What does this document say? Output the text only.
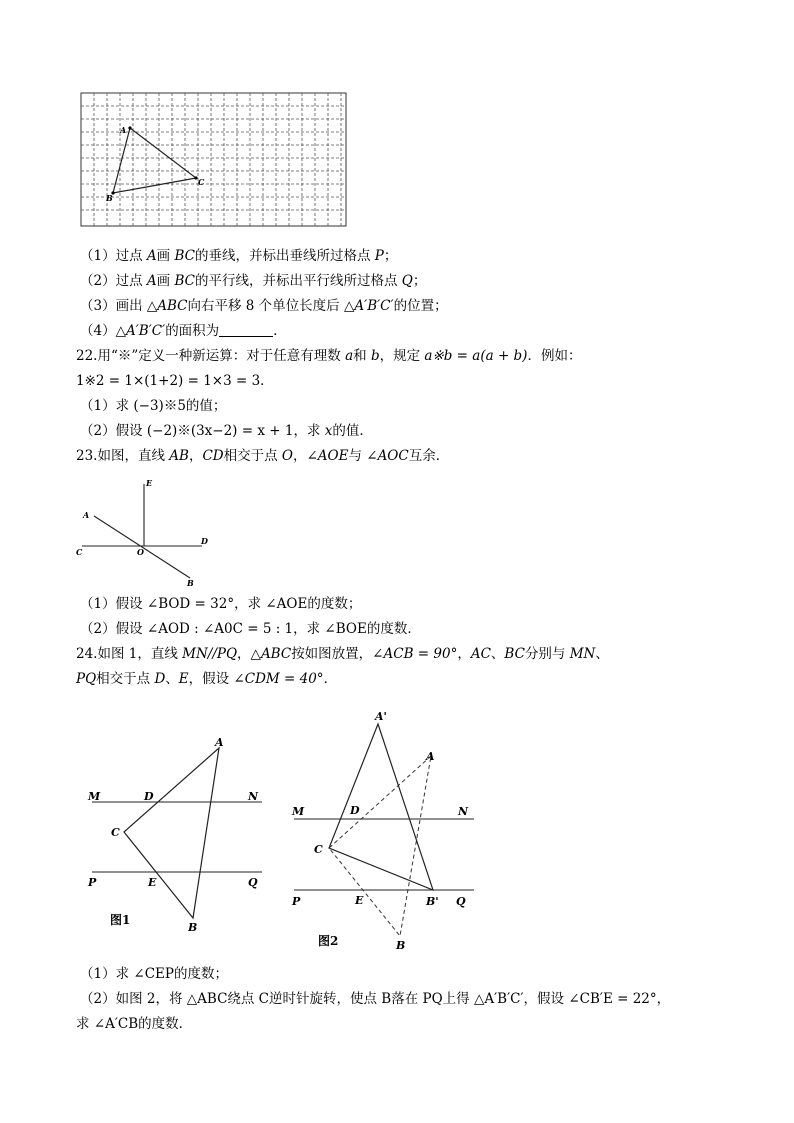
A
B
C
（1）过点 A画 BC的垂线，并标出垂线所过格点 P；
（2）过点 A画 BC的平行线，并标出平行线所过格点 Q；
（3）画出 △ABC向右平移 8 个单位长度后 △A′B′C′的位置；
（4）△A′B′C′的面积为	．
22.用“※”定义一种新运算：对于任意有理数 a和 b，规定 a※b = a(a + b)．例如：
1※2 = 1×(1+2) = 1×3 = 3．
（1）求 (−3)※5的值；
（2）假设 (−2)※(3x−2) = x + 1，求 x的值．
23.如图，直线 AB，CD相交于点 O，∠AOE与 ∠AOC互余．
E
A
C	O
D
B
（1）假设 ∠BOD = 32°，求 ∠AOE的度数；
（2）假设 ∠AOD : ∠A0C = 5 : 1，求 ∠BOE的度数．
24.如图 1，直线 MN//PQ，△ABC按如图放置，∠ACB = 90°，AC、BC分别与 MN、
PQ相交于点 D、E，假设 ∠CDM = 40°．
A
M	D	N
C
P	E	Q
B
图1
A'
A
M	D	N
C
P	E	B' Q
B
图2
（1）求 ∠CEP的度数；
（2）如图 2，将 △ABC绕点 C逆时针旋转，使点 B落在 PQ上得 △A′B′C′，假设 ∠CB′E = 22°，
求 ∠A′CB的度数．
